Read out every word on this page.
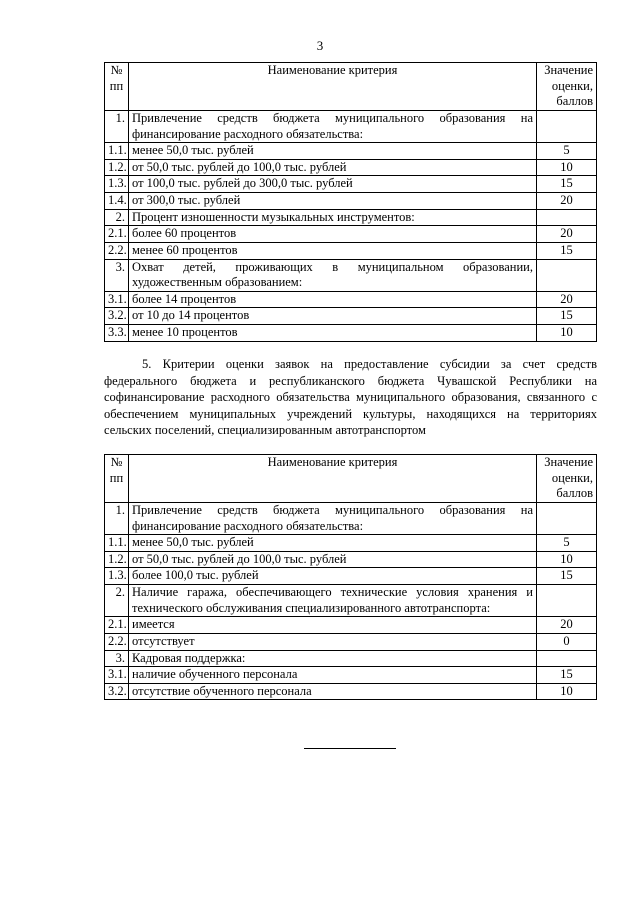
3
№
пп	Наименование критерия	Значение
оценки,
баллов
1.	Привлечение средств бюджета муниципального образования на финансирование расходного обязательства:	
1.1.	менее 50,0 тыс. рублей	5
1.2.	от 50,0 тыс. рублей до 100,0 тыс. рублей	10
1.3.	от 100,0 тыс. рублей до 300,0 тыс. рублей	15
1.4.	от 300,0 тыс. рублей	20
2.	Процент изношенности музыкальных инструментов:	
2.1.	более 60 процентов	20
2.2.	менее 60 процентов	15
3.	Охват детей, проживающих в муниципальном образовании, художественным образованием:	
3.1.	более 14 процентов	20
3.2.	от 10 до 14 процентов	15
3.3.	менее 10 процентов	10

5. Критерии оценки заявок на предоставление субсидии за счет средств федерального бюджета и республиканского бюджета Чувашской Республики на софинансирование расходного обязательства муниципального образования, связанного с обеспечением муниципальных учреждений культуры, находящихся на территориях сельских поселений, специализированным автотранспортом

№
пп	Наименование критерия	Значение
оценки,
баллов
1.	Привлечение средств бюджета муниципального образования на финансирование расходного обязательства:	
1.1.	менее 50,0 тыс. рублей	5
1.2.	от 50,0 тыс. рублей до 100,0 тыс. рублей	10
1.3.	более 100,0 тыс. рублей	15
2.	Наличие гаража, обеспечивающего технические условия хранения и технического обслуживания специализированного автотранспорта:	
2.1.	имеется	20
2.2.	отсутствует	0
3.	Кадровая поддержка:	
3.1.	наличие обученного персонала	15
3.2.	отсутствие обученного персонала	10
